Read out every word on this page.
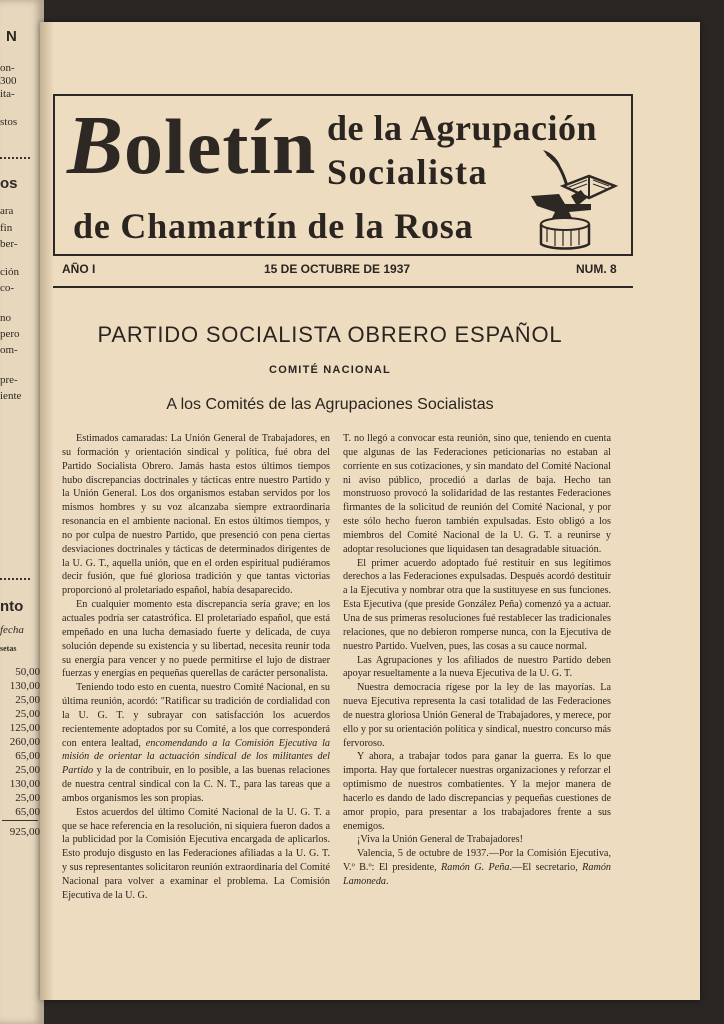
N
on-
300
ita-
stos
os
ara
fin
ber-
ción
co-
no
pero
om-
pre-
iente
nto
fecha
setas
50,00
130,00
25,00
25,00
125,00
260,00
65,00
25,00
130,00
25,00
65,00
925,00
Boletín de la Agrupación
Socialista
de Chamartín de la Rosa
AÑO I	15 DE OCTUBRE DE 1937	NUM. 8
PARTIDO SOCIALISTA OBRERO ESPAÑOL
COMITÉ NACIONAL
A los Comités de las Agrupaciones Socialistas

Estimados camaradas: La Unión General de Trabajadores, en su formación y orientación sindical y política, fué obra del Partido Socialista Obrero. Jamás hasta estos últimos tiempos hubo discrepancias doctrinales y tácticas entre nuestro Partido y la Unión General. Los dos organismos estaban servidos por los mismos hombres y su voz alcanzaba siempre extraordinaria resonancia en el ambiente nacional. En estos últimos tiempos, y no por culpa de nuestro Partido, que presenció con pena ciertas desviaciones doctrinales y tácticas de determinados dirigentes de la U. G. T., aquella unión, que en el orden espiritual pudiéramos decir fusión, que fué gloriosa tradición y que tantas victorias proporcionó al proletariado español, había desaparecido.

En cualquier momento esta discrepancia sería grave; en los actuales podría ser catastrófica. El proletariado español, que está empeñado en una lucha demasiado fuerte y delicada, de cuya solución depende su existencia y su libertad, necesita reunir toda su energía para vencer y no puede permitirse el lujo de distraer fuerzas y energías en pequeñas querellas de carácter personalista.

Teniendo todo esto en cuenta, nuestro Comité Nacional, en su última reunión, acordó: "Ratificar su tradición de cordialidad con la U. G. T. y subrayar con satisfacción los acuerdos recientemente adoptados por su Comité, a los que corresponderá con entera lealtad, encomendando a la Comisión Ejecutiva la misión de orientar la actuación sindical de los militantes del Partido y la de contribuir, en lo posible, a las buenas relaciones de nuestra central sindical con la C. N. T., para las tareas que a ambos organismos les son propias.

Estos acuerdos del último Comité Nacional de la U. G. T. a que se hace referencia en la resolución, ni siquiera fueron dados a la publicidad por la Comisión Ejecutiva encargada de aplicarlos. Esto produjo disgusto en las Federaciones afiliadas a la U. G. T. y sus representantes solicitaron reunión extraordinaria del Comité Nacional para volver a examinar el problema. La Comisión Ejecutiva de la U. G.

T. no llegó a convocar esta reunión, sino que, teniendo en cuenta que algunas de las Federaciones peticionarias no estaban al corriente en sus cotizaciones, y sin mandato del Comité Nacional ni aviso público, procedió a darlas de baja. Hecho tan monstruoso provocó la solidaridad de las restantes Federaciones firmantes de la solicitud de reunión del Comité Nacional, y por este sólo hecho fueron también expulsadas. Esto obligó a los miembros del Comité Nacional de la U. G. T. a reunirse y adoptar resoluciones que liquidasen tan desagradable situación.

El primer acuerdo adoptado fué restituir en sus legítimos derechos a las Federaciones expulsadas. Después acordó destituir a la Ejecutiva y nombrar otra que la sustituyese en sus funciones. Esta Ejecutiva (que preside González Peña) comenzó ya a actuar. Una de sus primeras resoluciones fué restablecer las tradicionales relaciones, que no debieron romperse nunca, con la Ejecutiva de nuestro Partido. Vuelven, pues, las cosas a su cauce normal.

Las Agrupaciones y los afiliados de nuestro Partido deben apoyar resueltamente a la nueva Ejecutiva de la U. G. T.

Nuestra democracia rígese por la ley de las mayorías. La nueva Ejecutiva representa la casi totalidad de las Federaciones de nuestra gloriosa Unión General de Trabajadores, y merece, por ello y por su orientación política y sindical, nuestro concurso más fervoroso.

Y ahora, a trabajar todos para ganar la guerra. Es lo que importa. Hay que fortalecer nuestras organizaciones y reforzar el optimismo de nuestros combatientes. Y la mejor manera de hacerlo es dando de lado discrepancias y pequeñas cuestiones de amor propio, para presentar a los trabajadores frente a sus enemigos.

¡Viva la Unión General de Trabajadores!

Valencia, 5 de octubre de 1937.—Por la Comisión Ejecutiva, V.º B.º: El presidente, Ramón G. Peña.—El secretario, Ramón Lamoneda.
